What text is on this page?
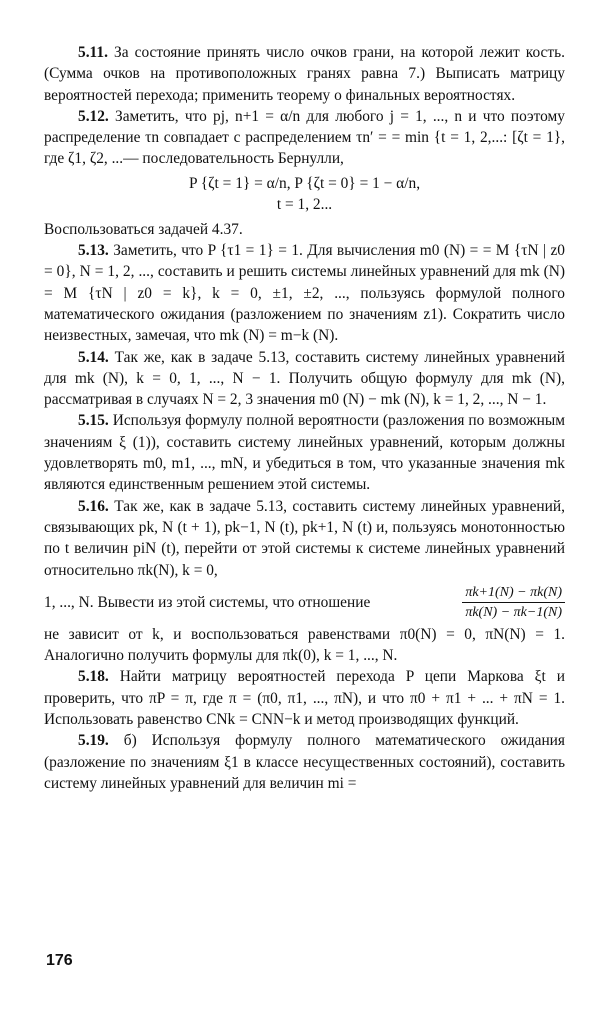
5.11. За состояние принять число очков грани, на которой лежит кость. (Сумма очков на противоположных гранях равна 7.) Выписать матрицу вероятностей перехода; применить теорему о финальных вероятностях.

5.12. Заметить, что pj, n+1 = α/n для любого j = 1, ..., n и что поэтому распределение τn совпадает с распределением τn′ = = min {t = 1, 2,...: [ζt = 1}, где ζ1, ζ2, ...— последовательность Бернулли,

P {ζt = 1} = α/n, P {ζt = 0} = 1 − α/n,
t = 1, 2...

Воспользоваться задачей 4.37.

5.13. Заметить, что P {τ1 = 1} = 1. Для вычисления m0 (N) = = M {τN | z0 = 0}, N = 1, 2, ..., составить и решить системы линейных уравнений для mk (N) = M {τN | z0 = k}, k = 0, ±1, ±2, ..., пользуясь формулой полного математического ожидания (разложением по значениям z1). Сократить число неизвестных, замечая, что mk (N) = m−k (N).

5.14. Так же, как в задаче 5.13, составить систему линейных уравнений для mk (N), k = 0, 1, ..., N − 1. Получить общую формулу для mk (N), рассматривая в случаях N = 2, 3 значения m0 (N) − mk (N), k = 1, 2, ..., N − 1.

5.15. Используя формулу полной вероятности (разложения по возможным значениям ξ (1)), составить систему линейных уравнений, которым должны удовлетворять m0, m1, ..., mN, и убедиться в том, что указанные значения mk являются единственным решением этой системы.

5.16. Так же, как в задаче 5.13, составить систему линейных уравнений, связывающих pk, N (t + 1), pk−1, N (t), pk+1, N (t) и, пользуясь монотонностью по t величин piN (t), перейти от этой системы к системе линейных уравнений относительно πk(N), k = 0,

1, ..., N. Вывести из этой системы, что отношение	$\frac{\pi k+1(N) - \pi k(N)}{\pi k(N) - \pi k-1(N)}$

не зависит от k, и воспользоваться равенствами π0(N) = 0, πN(N) = 1. Аналогично получить формулы для πk(0), k = 1, ..., N.

5.18. Найти матрицу вероятностей перехода P цепи Маркова ξt и проверить, что πP = π, где π = (π0, π1, ..., πN), и что π0 + π1 + ... + πN = 1. Использовать равенство CNk = CNN−k и метод производящих функций.

5.19. б) Используя формулу полного математического ожидания (разложение по значениям ξ1 в классе несущественных состояний), составить систему линейных уравнений для величин mi =

176
